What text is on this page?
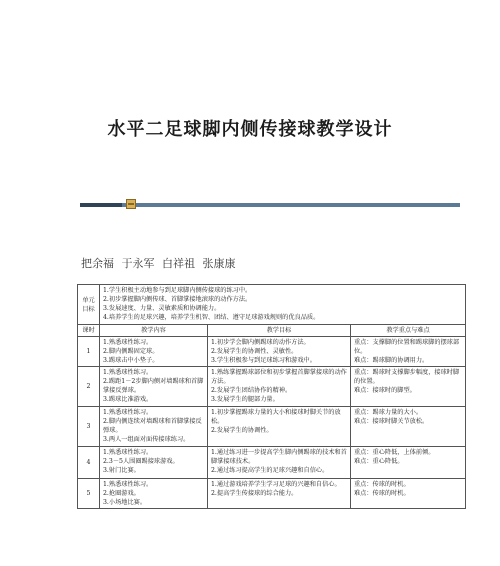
水平二足球脚内侧传接球教学设计
把余福 于永军 白祥祖 张康康
单元
目标	1.学生积极主动地参与到足球脚内侧传接球的练习中。
2.初步掌握脚内侧传球、首脚掌接地滚球的动作方法。
3.发展速度、力量、灵敏素质和协调能力。
4.培养学生的足球兴趣，培养学生机智、团结、遵守足球游戏规则的优良品质。		

课时	教学内容	教学目标	教学重点与难点
1	1.熟悉球性练习。
2.脚内侧踢固定球。
3.踢球击中小垫子。	1.初步学会脚内侧踢球的动作方法。
2.发展学生的协调性、灵敏性。
3.学生积极参与到足球练习和游戏中。	重点：支撑脚的位置和踢球脚的摆球部位。
难点：踢球脚的协调用力。

2	1.熟悉球性练习。
2.踢距1－2步脚内侧对墙踢球和首脚掌接反弹球。
3.踢球比准游戏。	1.熟练掌握踢球部位和初步掌握首脚掌接球的动作方法。
2.发展学生团结协作的精神。
3.发展学生的腿部力量。	重点：踢球时支撑脚步幅度，接球时脚的位置。
难点：接球时的脚型。

3	1.熟悉球性练习。
2.脚内侧连续对墙踢球和首脚掌接反弹球。
3.两人一组面对面传接球练习。	1.初步掌握踢球力量的大小和接球时脚关节的放松。
2.发展学生的协调性。	重点：踢球力量的大小。
难点：接球时脚关节放松。

4	1.熟悉球性练习。
2.3－5人围圈踢接球游戏。
3.射门比赛。	1.通过练习进一步提高学生脚内侧踢球的技术和首脚掌接球技术。
2.通过练习提高学生的足球兴趣和自信心。	重点：重心降低，上体前倾。
难点：重心降低。

5	1.熟悉球性练习。
2.抢圈游戏。
3.小场地比赛。	1.通过游戏培养学生学习足球的兴趣和自信心。
2.提高学生传接球的综合能力。	重点：传球的时机。
难点：传球的时机。
